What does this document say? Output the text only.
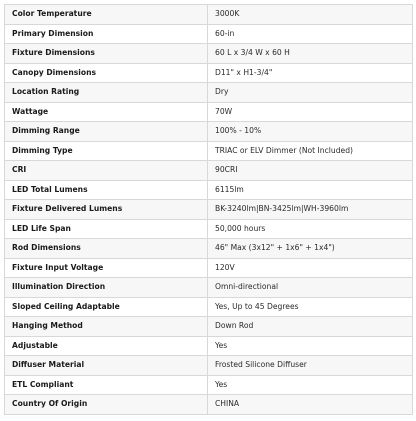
Color Temperature	3000K
Primary Dimension	60-in
Fixture Dimensions	60 L x 3/4 W x 60 H
Canopy Dimensions	D11" x H1-3/4"
Location Rating	Dry
Wattage	70W
Dimming Range	100% - 10%
Dimming Type	TRIAC or ELV Dimmer (Not Included)
CRI	90CRI
LED Total Lumens	6115lm
Fixture Delivered Lumens	BK-3240lm|BN-3425lm|WH-3960lm
LED Life Span	50,000 hours
Rod Dimensions	46" Max (3x12" + 1x6" + 1x4")
Fixture Input Voltage	120V
Illumination Direction	Omni-directional
Sloped Ceiling Adaptable	Yes, Up to 45 Degrees
Hanging Method	Down Rod
Adjustable	Yes
Diffuser Material	Frosted Silicone Diffuser
ETL Compliant	Yes
Country Of Origin	CHINA
